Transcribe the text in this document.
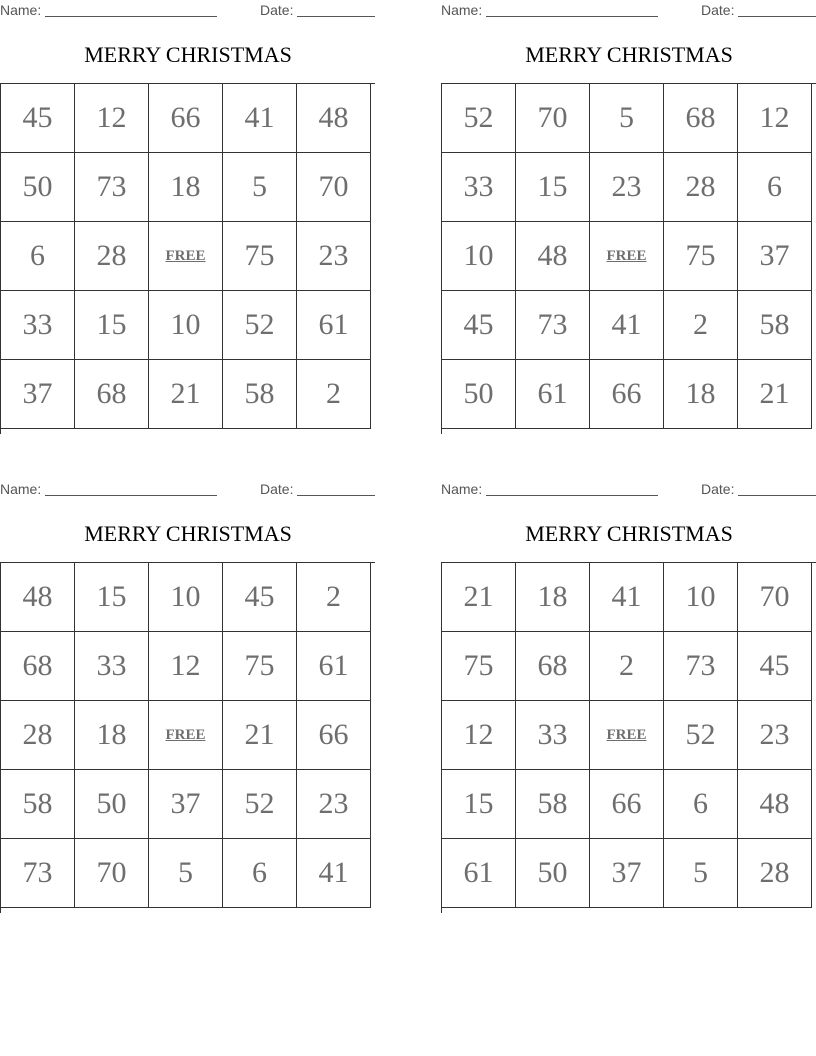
Name:	Date:
MERRY CHRISTMAS
45	12	66	41	48
50	73	18	5	70
6	28	FREE	75	23
33	15	10	52	61
37	68	21	58	2
Name:	Date:
MERRY CHRISTMAS
52	70	5	68	12
33	15	23	28	6
10	48	FREE	75	37
45	73	41	2	58
50	61	66	18	21
Name:	Date:
MERRY CHRISTMAS
48	15	10	45	2
68	33	12	75	61
28	18	FREE	21	66
58	50	37	52	23
73	70	5	6	41
Name:	Date:
MERRY CHRISTMAS
21	18	41	10	70
75	68	2	73	45
12	33	FREE	52	23
15	58	66	6	48
61	50	37	5	28
